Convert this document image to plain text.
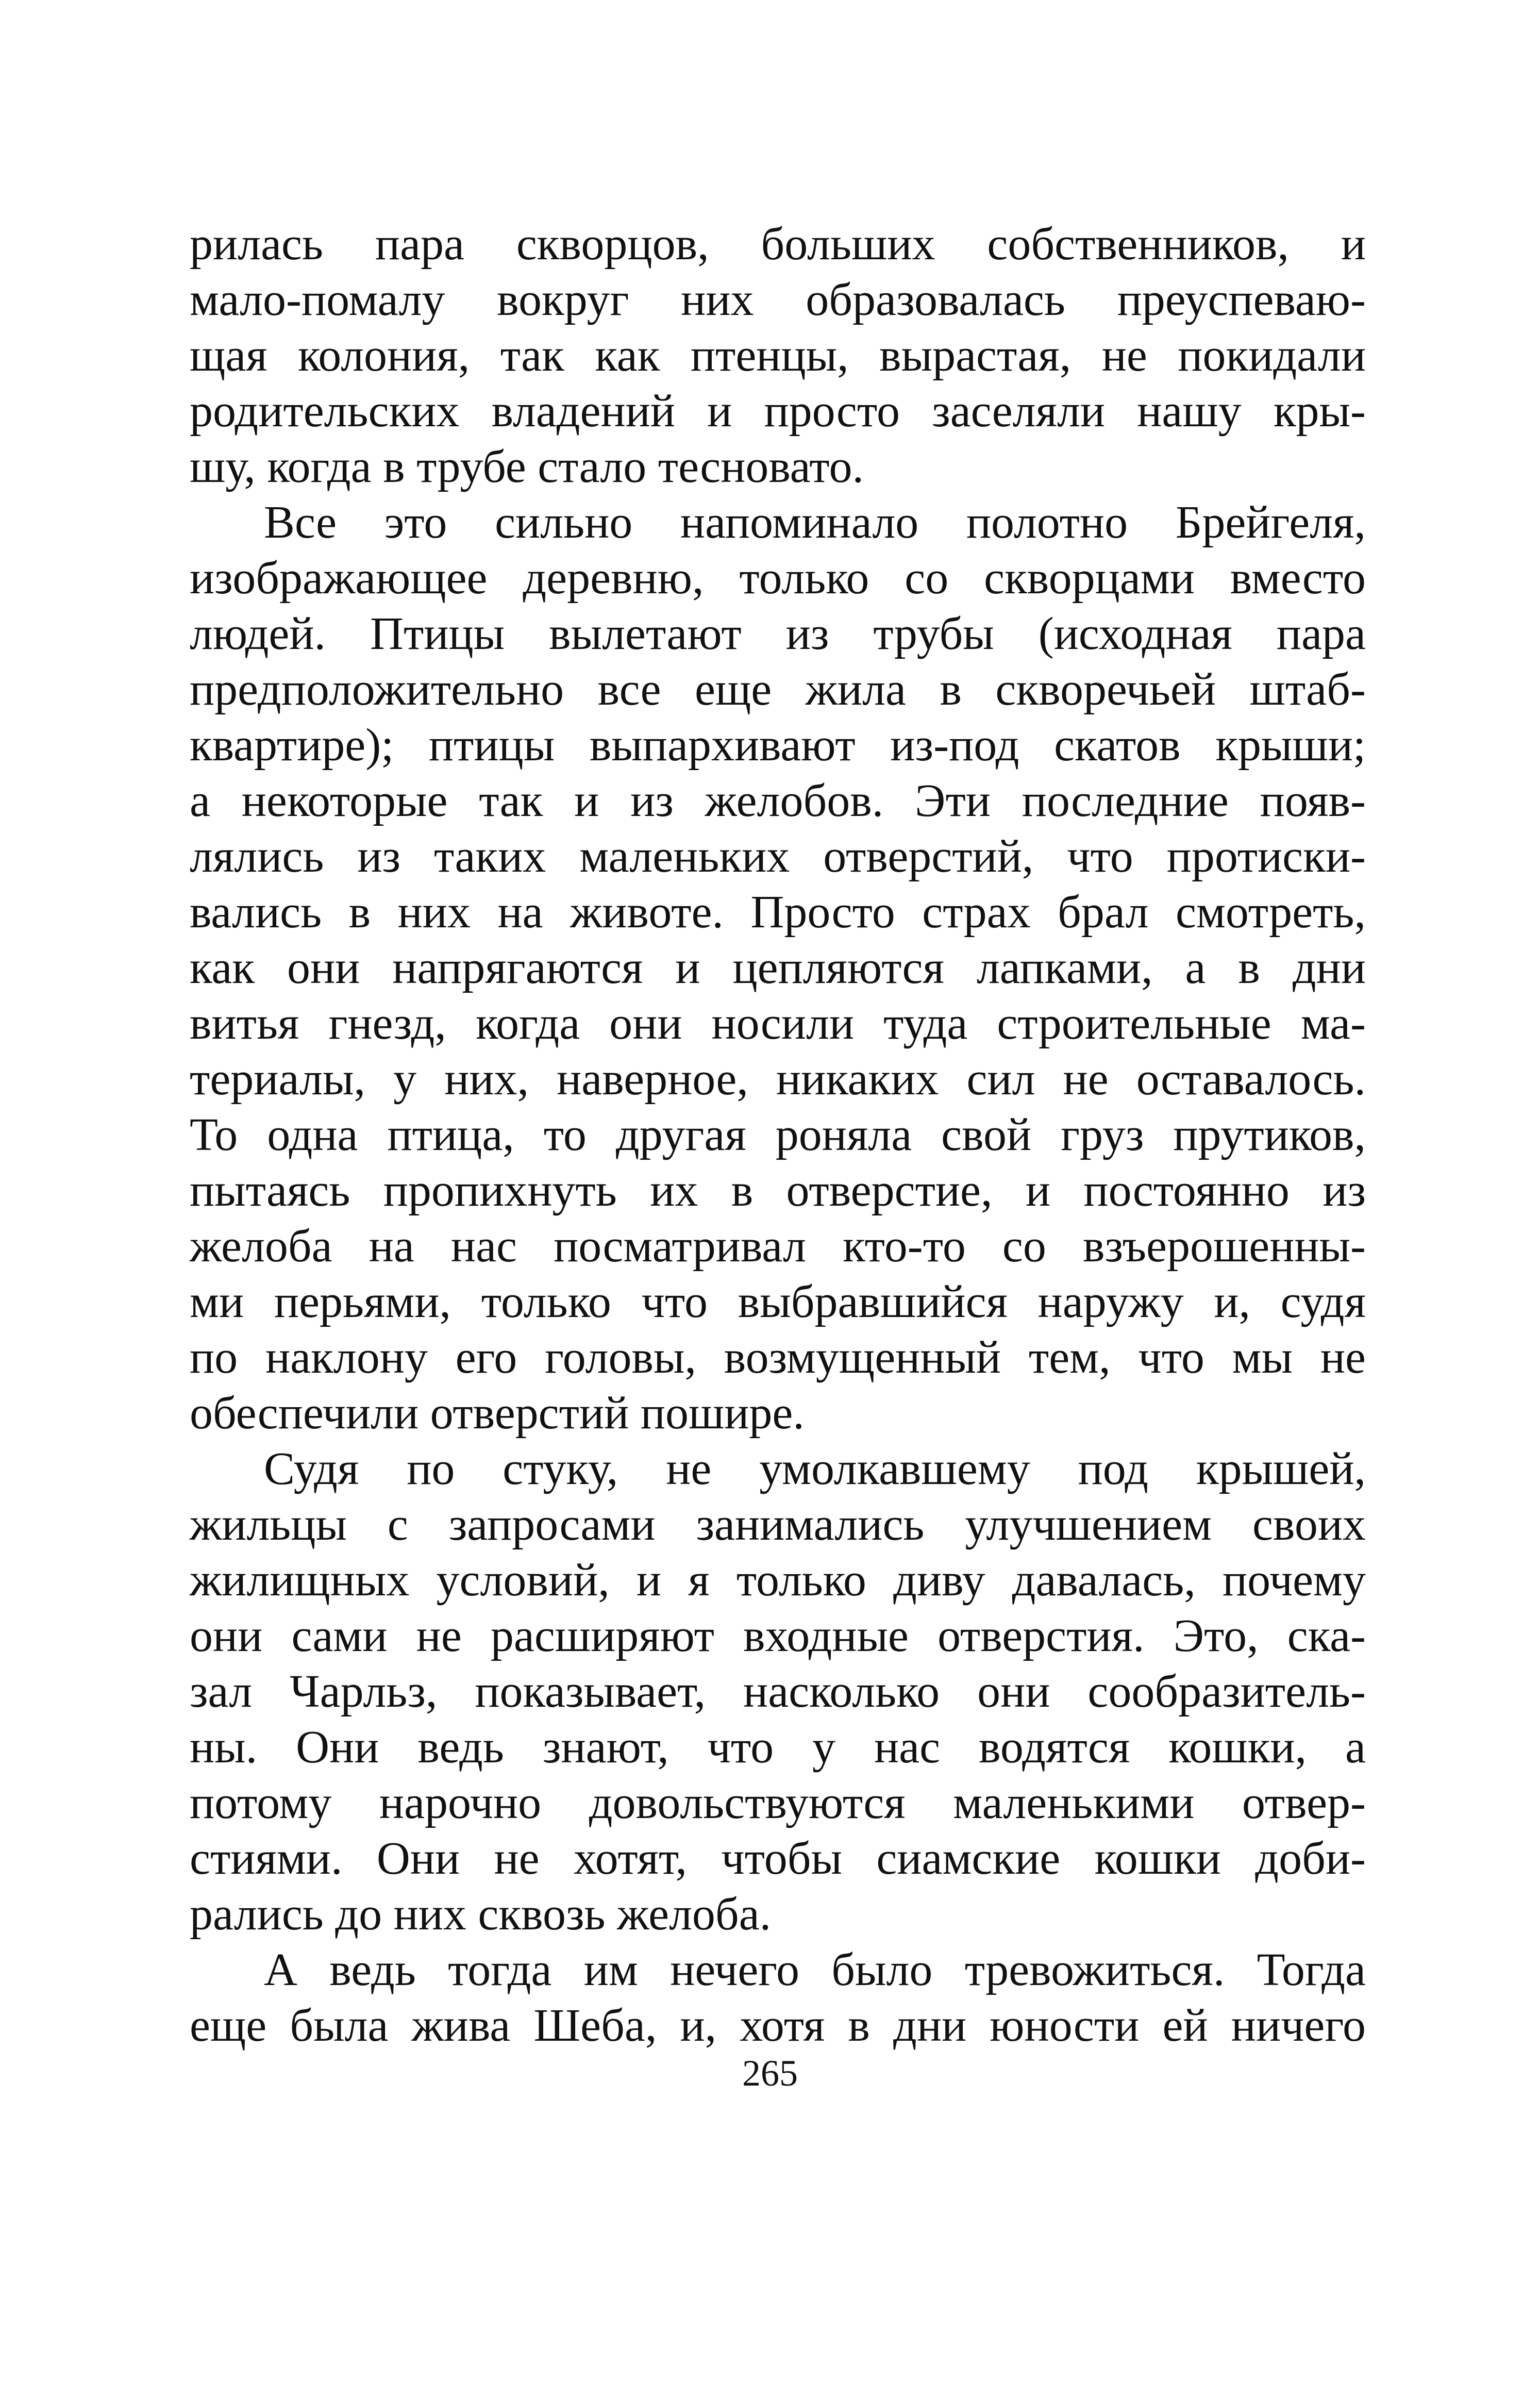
рилась пара скворцов, больших собственников, и
мало-помалу вокруг них образовалась преуспеваю-
щая колония, так как птенцы, вырастая, не покидали
родительских владений и просто заселяли нашу кры-
шу, когда в трубе стало тесновато.
Все это сильно напоминало полотно Брейгеля,
изображающее деревню, только со скворцами вместо
людей. Птицы вылетают из трубы (исходная пара
предположительно все еще жила в скворечьей штаб-
квартире); птицы выпархивают из-под скатов крыши;
а некоторые так и из желобов. Эти последние появ-
лялись из таких маленьких отверстий, что протиски-
вались в них на животе. Просто страх брал смотреть,
как они напрягаются и цепляются лапками, а в дни
витья гнезд, когда они носили туда строительные ма-
териалы, у них, наверное, никаких сил не оставалось.
То одна птица, то другая роняла свой груз прутиков,
пытаясь пропихнуть их в отверстие, и постоянно из
желоба на нас посматривал кто-то со взъерошенны-
ми перьями, только что выбравшийся наружу и, судя
по наклону его головы, возмущенный тем, что мы не
обеспечили отверстий пошире.
Судя по стуку, не умолкавшему под крышей,
жильцы с запросами занимались улучшением своих
жилищных условий, и я только диву давалась, почему
они сами не расширяют входные отверстия. Это, ска-
зал Чарльз, показывает, насколько они сообразитель-
ны. Они ведь знают, что у нас водятся кошки, а
потому нарочно довольствуются маленькими отвер-
стиями. Они не хотят, чтобы сиамские кошки доби-
рались до них сквозь желоба.
А ведь тогда им нечего было тревожиться. Тогда
еще была жива Шеба, и, хотя в дни юности ей ничего
265
